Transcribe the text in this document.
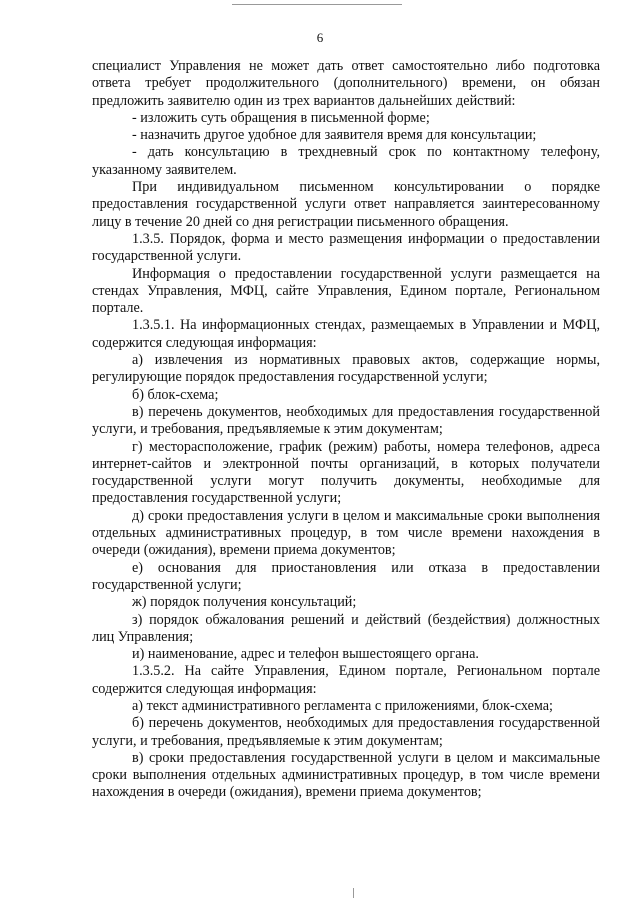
6

специалист Управления не может дать ответ самостоятельно либо подготовка ответа требует продолжительного (дополнительного) времени, он обязан предложить заявителю один из трех вариантов дальнейших действий:

- изложить суть обращения в письменной форме;

- назначить другое удобное для заявителя время для консультации;

- дать консультацию в трехдневный срок по контактному телефону, указанному заявителем.

При индивидуальном письменном консультировании о порядке предоставления государственной услуги ответ направляется заинтересованному лицу в течение 20 дней со дня регистрации письменного обращения.

1.3.5. Порядок, форма и место размещения информации о предоставлении государственной услуги.

Информация о предоставлении государственной услуги размещается на стендах Управления, МФЦ, сайте Управления, Едином портале, Региональном портале.

1.3.5.1. На информационных стендах, размещаемых в Управлении и МФЦ, содержится следующая информация:

а) извлечения из нормативных правовых актов, содержащие нормы, регулирующие порядок предоставления государственной услуги;

б) блок-схема;

в) перечень документов, необходимых для предоставления государственной услуги, и требования, предъявляемые к этим документам;

г) месторасположение, график (режим) работы, номера телефонов, адреса интернет-сайтов и электронной почты организаций, в которых получатели государственной услуги могут получить документы, необходимые для предоставления государственной услуги;

д) сроки предоставления услуги в целом и максимальные сроки выполнения отдельных административных процедур, в том числе времени нахождения в очереди (ожидания), времени приема документов;

е) основания для приостановления или отказа в предоставлении государственной услуги;

ж) порядок получения консультаций;

з) порядок обжалования решений и действий (бездействия) должностных лиц Управления;

и) наименование, адрес и телефон вышестоящего органа.

1.3.5.2. На сайте Управления, Едином портале, Региональном портале содержится следующая информация:

а) текст административного регламента с приложениями, блок-схема;

б) перечень документов, необходимых для предоставления государственной услуги, и требования, предъявляемые к этим документам;

в) сроки предоставления государственной услуги в целом и максимальные сроки выполнения отдельных административных процедур, в том числе времени нахождения в очереди (ожидания), времени приема документов;
